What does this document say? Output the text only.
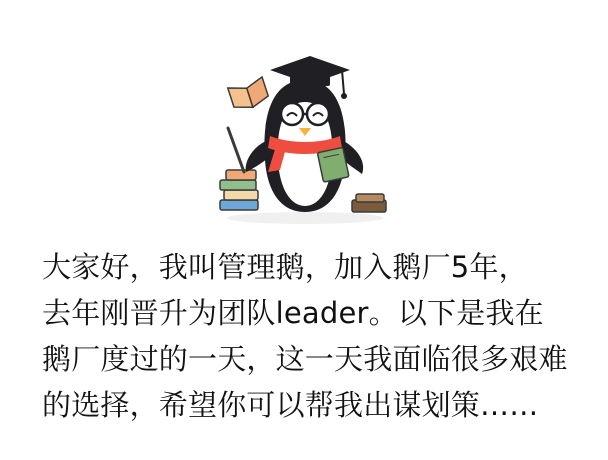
大家好，我叫管理鹅，加入鹅厂5年，
去年刚晋升为团队leader。以下是我在
鹅厂度过的一天，这一天我面临很多艰难
的选择，希望你可以帮我出谋划策……
